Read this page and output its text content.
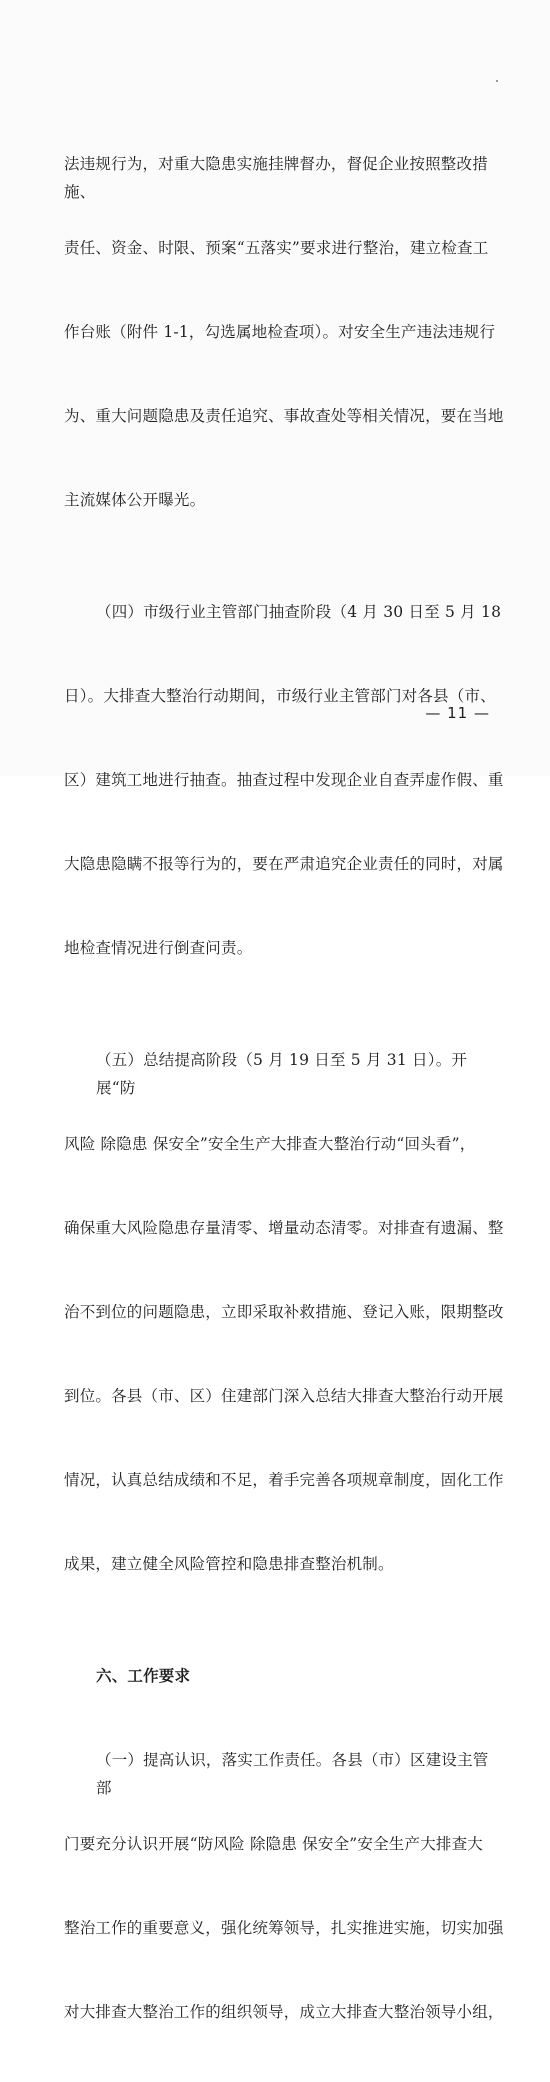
法违规行为，对重大隐患实施挂牌督办，督促企业按照整改措施、

责任、资金、时限、预案“五落实”要求进行整治，建立检查工

作台账（附件 1-1，勾选属地检查项）。对安全生产违法违规行

为、重大问题隐患及责任追究、事故查处等相关情况，要在当地

主流媒体公开曝光。

（四）市级行业主管部门抽查阶段（4 月 30 日至 5 月 18

日）。大排查大整治行动期间，市级行业主管部门对各县（市、

区）建筑工地进行抽查。抽查过程中发现企业自查弄虚作假、重

大隐患隐瞒不报等行为的，要在严肃追究企业责任的同时，对属

地检查情况进行倒查问责。

（五）总结提高阶段（5 月 19 日至 5 月 31 日）。开展“防

风险 除隐患 保安全”安全生产大排查大整治行动“回头看”，

确保重大风险隐患存量清零、增量动态清零。对排查有遗漏、整

治不到位的问题隐患，立即采取补救措施、登记入账，限期整改

到位。各县（市、区）住建部门深入总结大排查大整治行动开展

情况，认真总结成绩和不足，着手完善各项规章制度，固化工作

成果，建立健全风险管控和隐患排查整治机制。

六、工作要求

（一）提高认识，落实工作责任。各县（市）区建设主管部

门要充分认识开展“防风险 除隐患 保安全”安全生产大排查大

整治工作的重要意义，强化统筹领导，扎实推进实施，切实加强

对大排查大整治工作的组织领导，成立大排查大整治领导小组，

— 11 —
